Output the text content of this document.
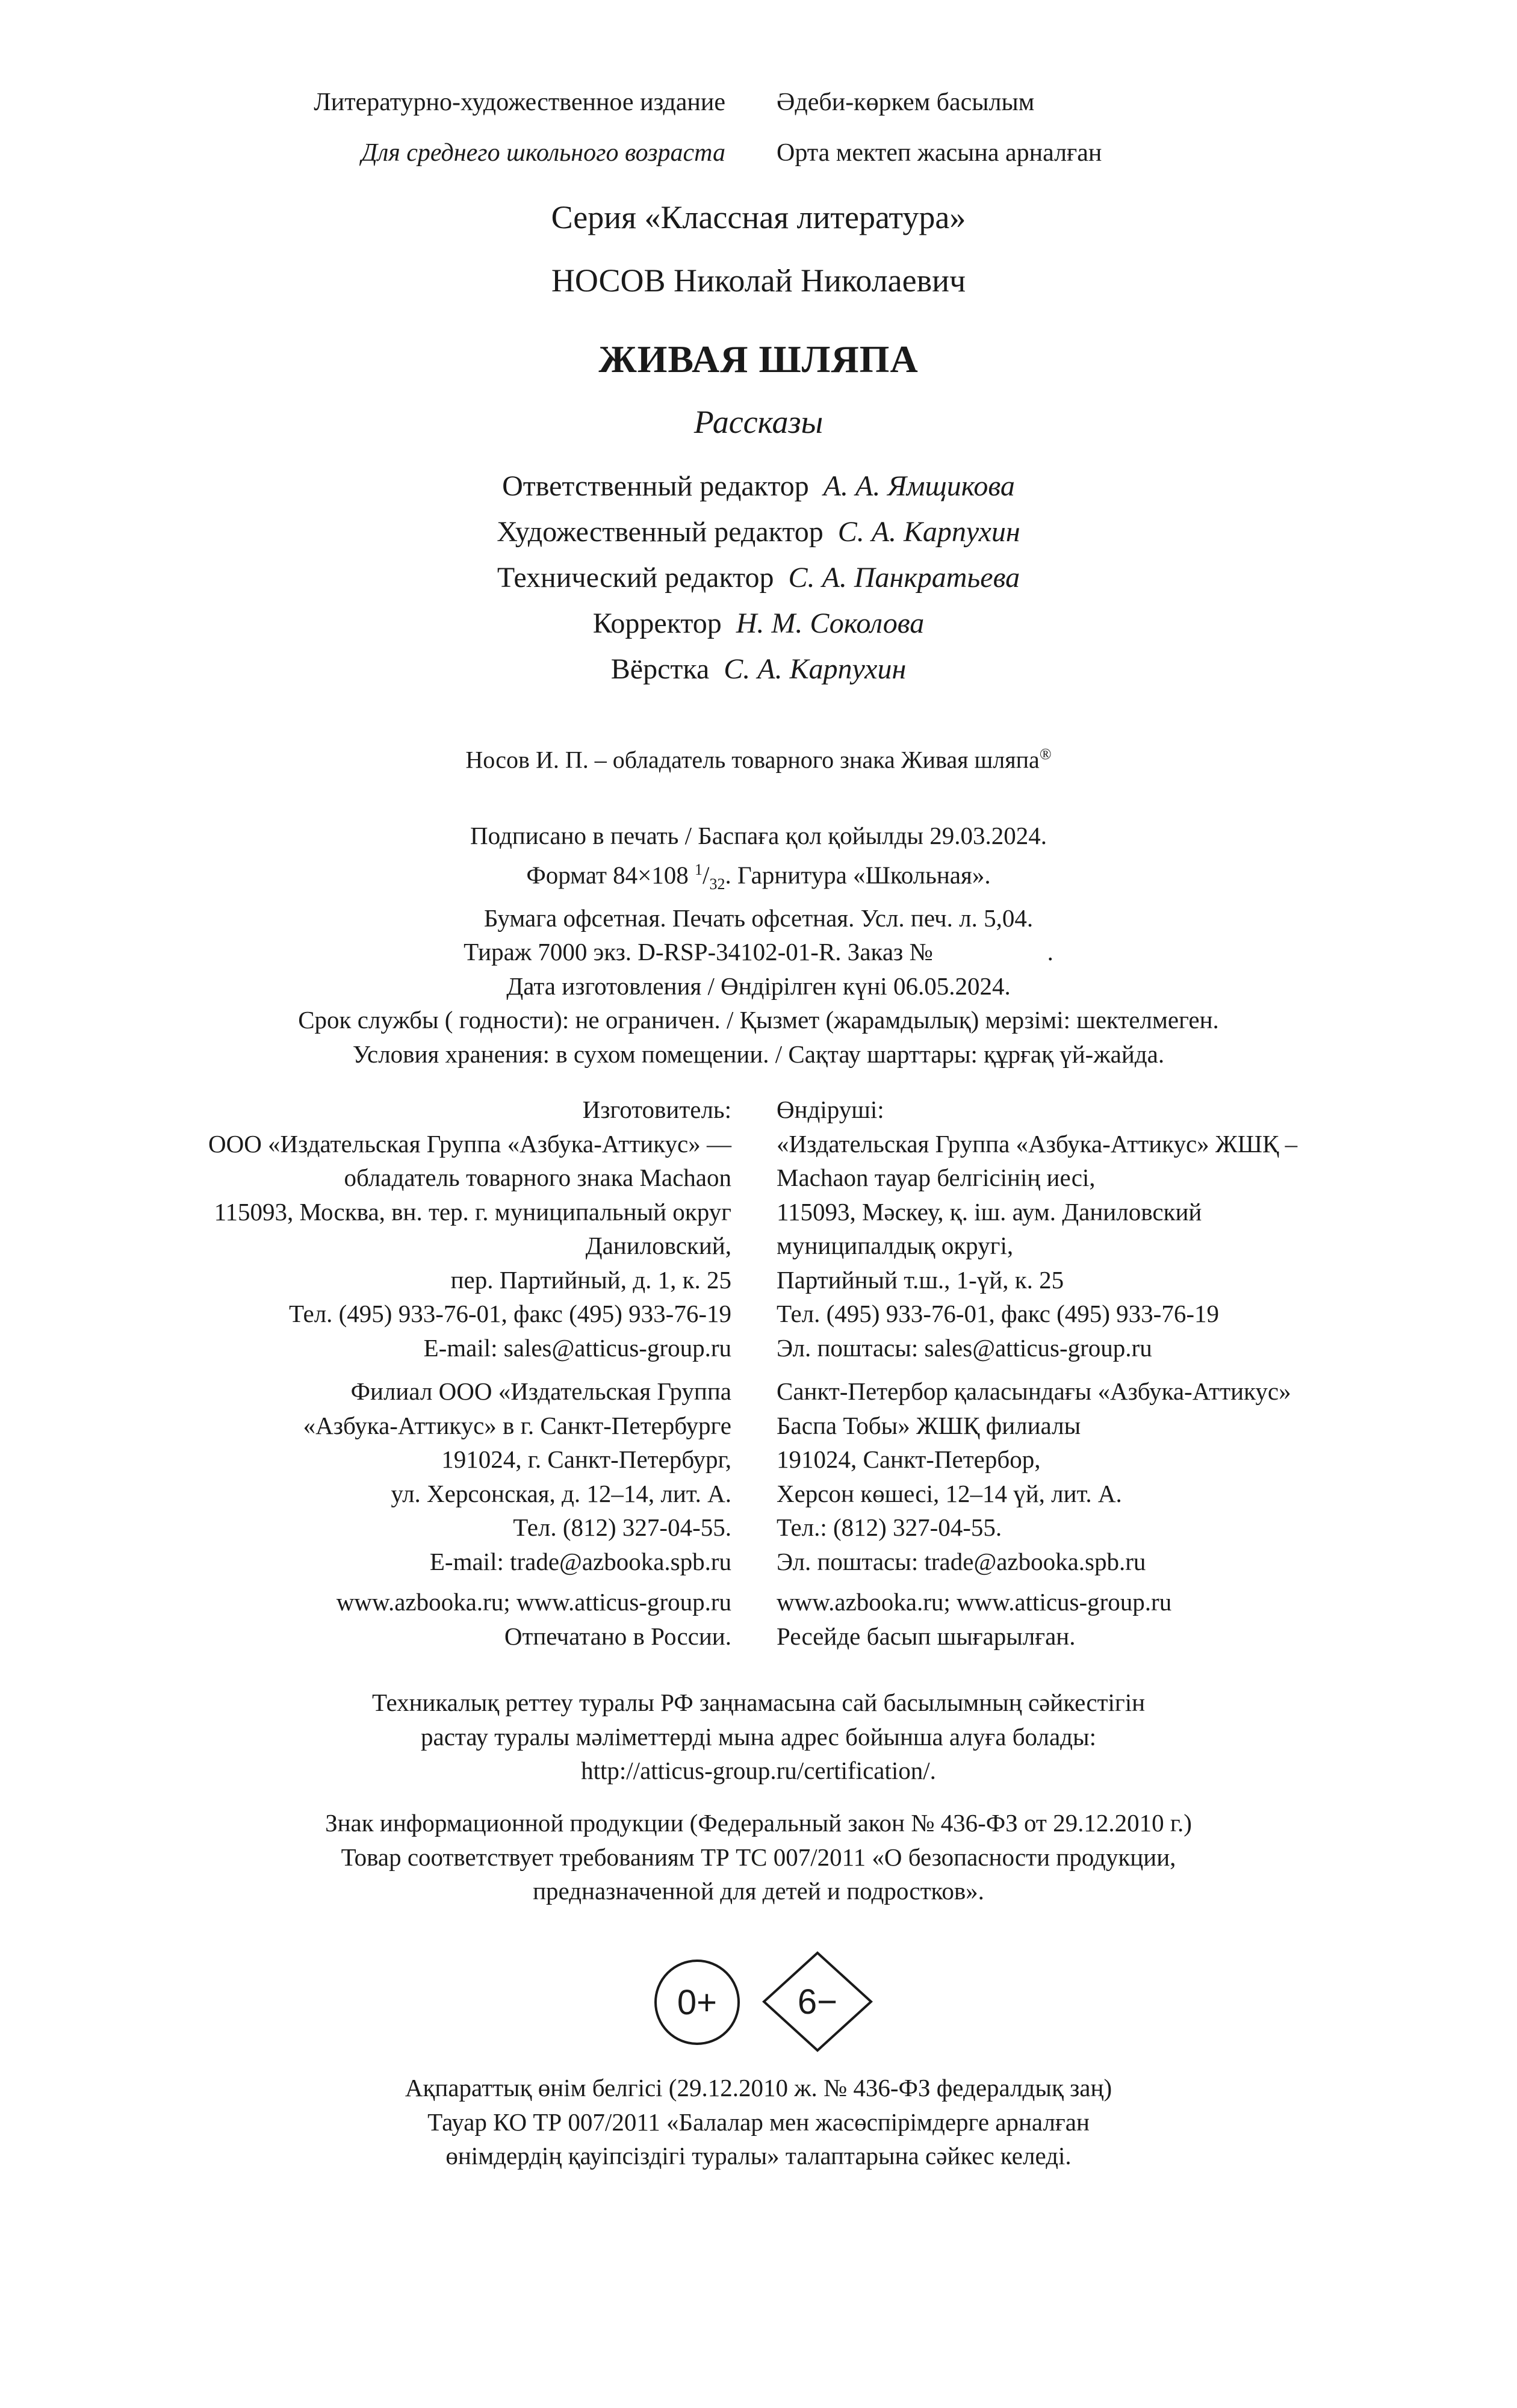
Литературно-художественное издание
Для среднего школьного возраста
Әдеби-көркем басылым
Орта мектеп жасына арналған
Серия «Классная литература»
НОСОВ Николай Николаевич
ЖИВАЯ ШЛЯПА
Рассказы
Ответственный редактор А. А. Ямщикова
Художественный редактор С. А. Карпухин
Технический редактор С. А. Панкратьева
Корректор Н. М. Соколова
Вёрстка С. А. Карпухин
Носов И. П. – обладатель товарного знака Живая шляпа®
Подписано в печать / Баспаға қол қойылды 29.03.2024.
Формат 84×108 $^1/_{32}$. Гарнитура «Школьная».
Бумага офсетная. Печать офсетная. Усл. печ. л. 5,04.
Тираж 7000 экз. D-RSP-34102-01-R. Заказ №	.
Дата изготовления / Өндірілген күні 06.05.2024.
Срок службы ( годности): не ограничен. / Қызмет (жарамдылық) мерзімі: шектелмеген.
Условия хранения: в сухом помещении. / Сақтау шарттары: құрғақ үй-жайда.
Изготовитель:
ООО «Издательская Группа «Азбука-Аттикус» —
обладатель товарного знака Machaon
115093, Москва, вн. тер. г. муниципальный округ
Даниловский,
пер. Партийный, д. 1, к. 25
Тел. (495) 933-76-01, факс (495) 933-76-19
E-mail: sales@atticus-group.ru
Өндіруші:
«Издательская Группа «Азбука-Аттикус» ЖШҚ –
Machaon тауар белгісінің иесі,
115093, Мәскеу, қ. іш. аум. Даниловский
муниципалдық округі,
Партийный т.ш., 1-үй, к. 25
Тел. (495) 933-76-01, факс (495) 933-76-19
Эл. поштасы: sales@atticus-group.ru
Филиал ООО «Издательская Группа
«Азбука-Аттикус» в г. Санкт-Петербурге
191024, г. Санкт-Петербург,
ул. Херсонская, д. 12–14, лит. А.
Тел. (812) 327-04-55.
E-mail: trade@azbooka.spb.ru
Санкт-Петербор қаласындағы «Азбука-Аттикус»
Баспа Тобы» ЖШҚ филиалы
191024, Санкт-Петербор,
Херсон көшесі, 12–14 үй, лит. А.
Тел.: (812) 327-04-55.
Эл. поштасы: trade@azbooka.spb.ru
www.azbooka.ru; www.atticus-group.ru
Отпечатано в России.
www.azbooka.ru; www.atticus-group.ru
Ресейде басып шығарылған.
Техникалық реттеу туралы РФ заңнамасына сай басылымның сәйкестігін
растау туралы мәліметтерді мына адрес бойынша алуға болады:
http://atticus-group.ru/certification/.
Знак информационной продукции (Федеральный закон № 436-ФЗ от 29.12.2010 г.)
Товар соответствует требованиям ТР ТС 007/2011 «О безопасности продукции,
предназначенной для детей и подростков».
0+	6−
Ақпараттық өнім белгісі (29.12.2010 ж. № 436-ФЗ федералдық заң)
Тауар КО ТР 007/2011 «Балалар мен жасөспірімдерге арналған
өнімдердің қауіпсіздігі туралы» талаптарына сәйкес келеді.
